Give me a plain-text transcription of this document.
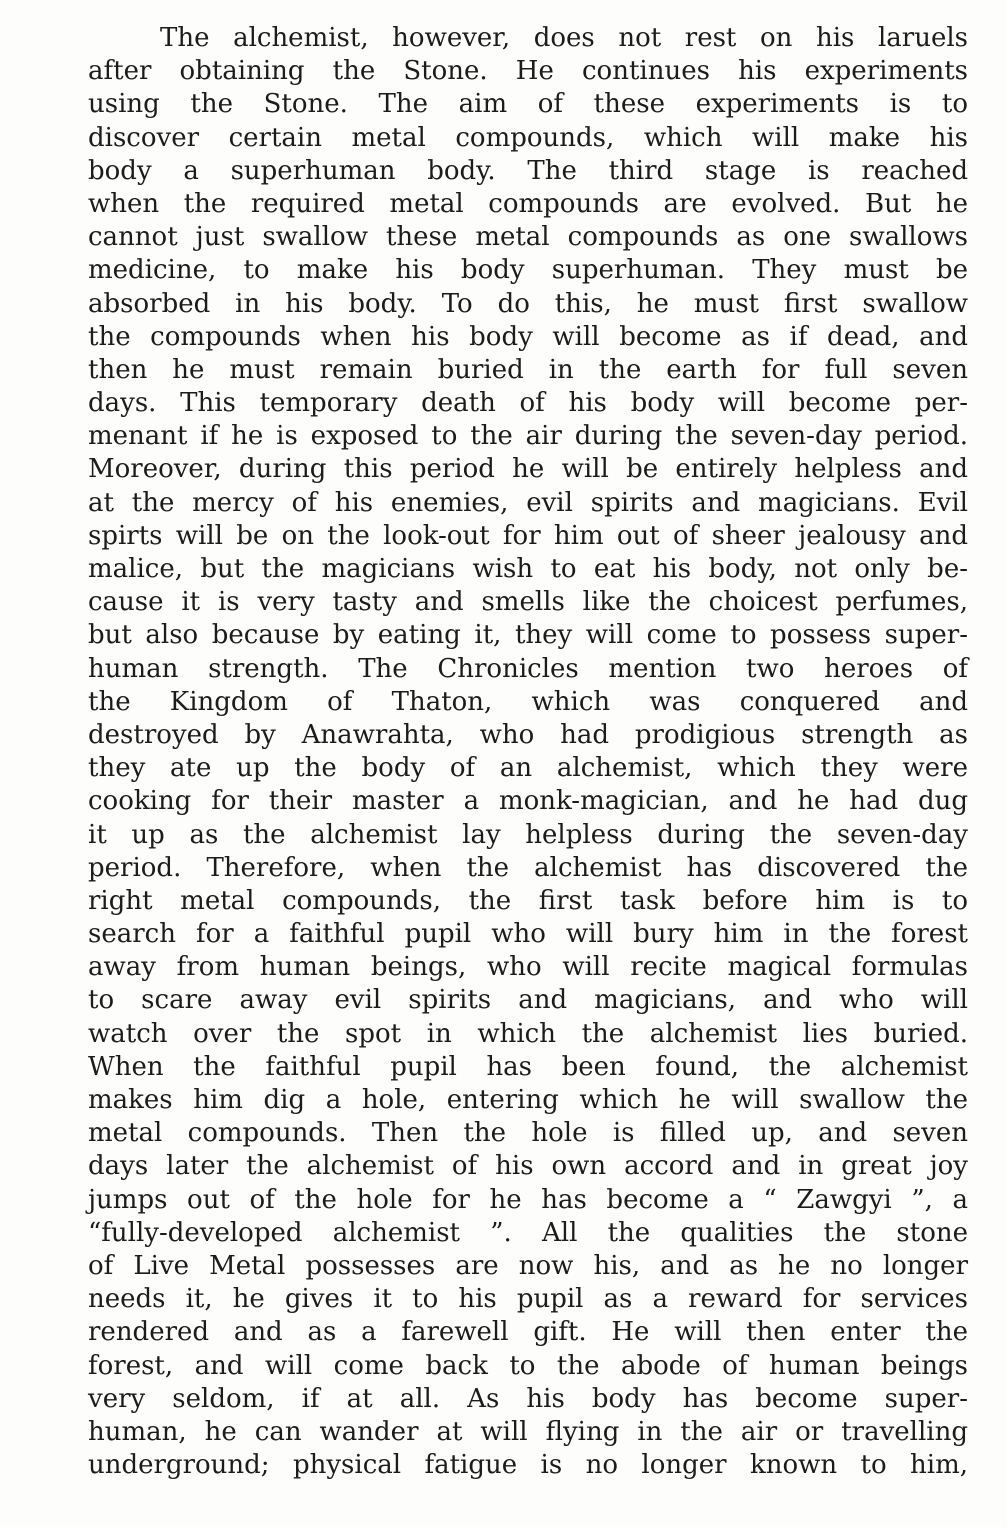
The alchemist, however, does not rest on his laruels
after obtaining the Stone. He continues his experiments
using the Stone. The aim of these experiments is to
discover certain metal compounds, which will make his
body a superhuman body. The third stage is reached
when the required metal compounds are evolved. But he
cannot just swallow these metal compounds as one swallows
medicine, to make his body superhuman. They must be
absorbed in his body. To do this, he must first swallow
the compounds when his body will become as if dead, and
then he must remain buried in the earth for full seven
days. This temporary death of his body will become per-
menant if he is exposed to the air during the seven-day period.
Moreover, during this period he will be entirely helpless and
at the mercy of his enemies, evil spirits and magicians. Evil
spirts will be on the look-out for him out of sheer jealousy and
malice, but the magicians wish to eat his body, not only be-
cause it is very tasty and smells like the choicest perfumes,
but also because by eating it, they will come to possess super-
human strength. The Chronicles mention two heroes of
the Kingdom of Thaton, which was conquered and
destroyed by Anawrahta, who had prodigious strength as
they ate up the body of an alchemist, which they were
cooking for their master a monk-magician, and he had dug
it up as the alchemist lay helpless during the seven-day
period. Therefore, when the alchemist has discovered the
right metal compounds, the first task before him is to
search for a faithful pupil who will bury him in the forest
away from human beings, who will recite magical formulas
to scare away evil spirits and magicians, and who will
watch over the spot in which the alchemist lies buried.
When the faithful pupil has been found, the alchemist
makes him dig a hole, entering which he will swallow the
metal compounds. Then the hole is filled up, and seven
days later the alchemist of his own accord and in great joy
jumps out of the hole for he has become a “ Zawgyi ”, a
“fully-developed alchemist ”. All the qualities the stone
of Live Metal possesses are now his, and as he no longer
needs it, he gives it to his pupil as a reward for services
rendered and as a farewell gift. He will then enter the
forest, and will come back to the abode of human beings
very seldom, if at all. As his body has become super-
human, he can wander at will flying in the air or travelling
underground; physical fatigue is no longer known to him,
